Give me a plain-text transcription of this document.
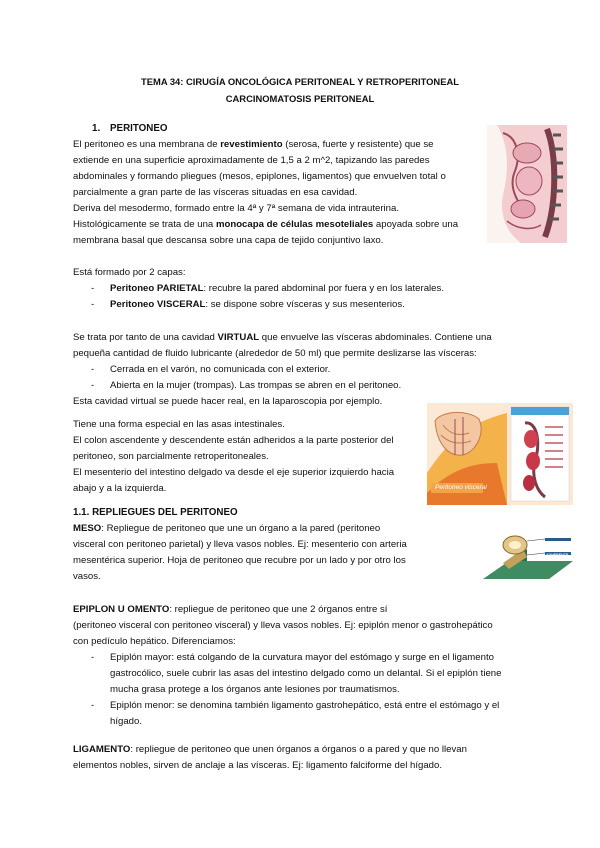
TEMA 34: CIRUGÍA ONCOLÓGICA PERITONEAL Y RETROPERITONEAL
CARCINOMATOSIS PERITONEAL
1. PERITONEO
El peritoneo es una membrana de revestimiento (serosa, fuerte y resistente) que se
extiende en una superficie aproximadamente de 1,5 a 2 m^2, tapizando las paredes
abdominales y formando pliegues (mesos, epiplones, ligamentos) que envuelven total o
parcialmente a gran parte de las vísceras situadas en esa cavidad.
Deriva del mesodermo, formado entre la 4ª y 7ª semana de vida intrauterina.
Histológicamente se trata de una monocapa de células mesoteliales apoyada sobre una
membrana basal que descansa sobre una capa de tejido conjuntivo laxo.
Está formado por 2 capas:
- Peritoneo PARIETAL: recubre la pared abdominal por fuera y en los laterales.
- Peritoneo VISCERAL: se dispone sobre vísceras y sus mesenterios.
Se trata por tanto de una cavidad VIRTUAL que envuelve las vísceras abdominales. Contiene una
pequeña cantidad de fluido lubricante (alrededor de 50 ml) que permite deslizarse las vísceras:
- Cerrada en el varón, no comunicada con el exterior.
- Abierta en la mujer (trompas). Las trompas se abren en el peritoneo.
Esta cavidad virtual se puede hacer real, en la laparoscopia por ejemplo.
Tiene una forma especial en las asas intestinales.
El colon ascendente y descendente están adheridos a la parte posterior del
peritoneo, son parcialmente retroperitoneales.
El mesenterio del intestino delgado va desde el eje superior izquierdo hacia
abajo y a la izquierda.	Peritoneo visceral
1.1. REPLIEGUES DEL PERITONEO
MESO: Repliegue de peritoneo que une un órgano a la pared (peritoneo
visceral con peritoneo parietal) y lleva vasos nobles. Ej: mesenterio con arteria
mesentérica superior. Hoja de peritoneo que recubre por un lado y por otro los
vasos.
BORDE LIBRE
BORDE ADHERENTE
EPIPLON U OMENTO: repliegue de peritoneo que une 2 órganos entre sí
(peritoneo visceral con peritoneo visceral) y lleva vasos nobles. Ej: epiplón menor o gastrohepático
con pedículo hepático. Diferenciamos:
- Epiplón mayor: está colgando de la curvatura mayor del estómago y surge en el ligamento
gastrocólico, suele cubrir las asas del intestino delgado como un delantal. Si el epiplón tiene
mucha grasa protege a los órganos ante lesiones por traumatismos.
- Epiplón menor: se denomina también ligamento gastrohepático, está entre el estómago y el
hígado.
LIGAMENTO: repliegue de peritoneo que unen órganos a órganos o a pared y que no llevan
elementos nobles, sirven de anclaje a las vísceras. Ej: ligamento falciforme del hígado.
